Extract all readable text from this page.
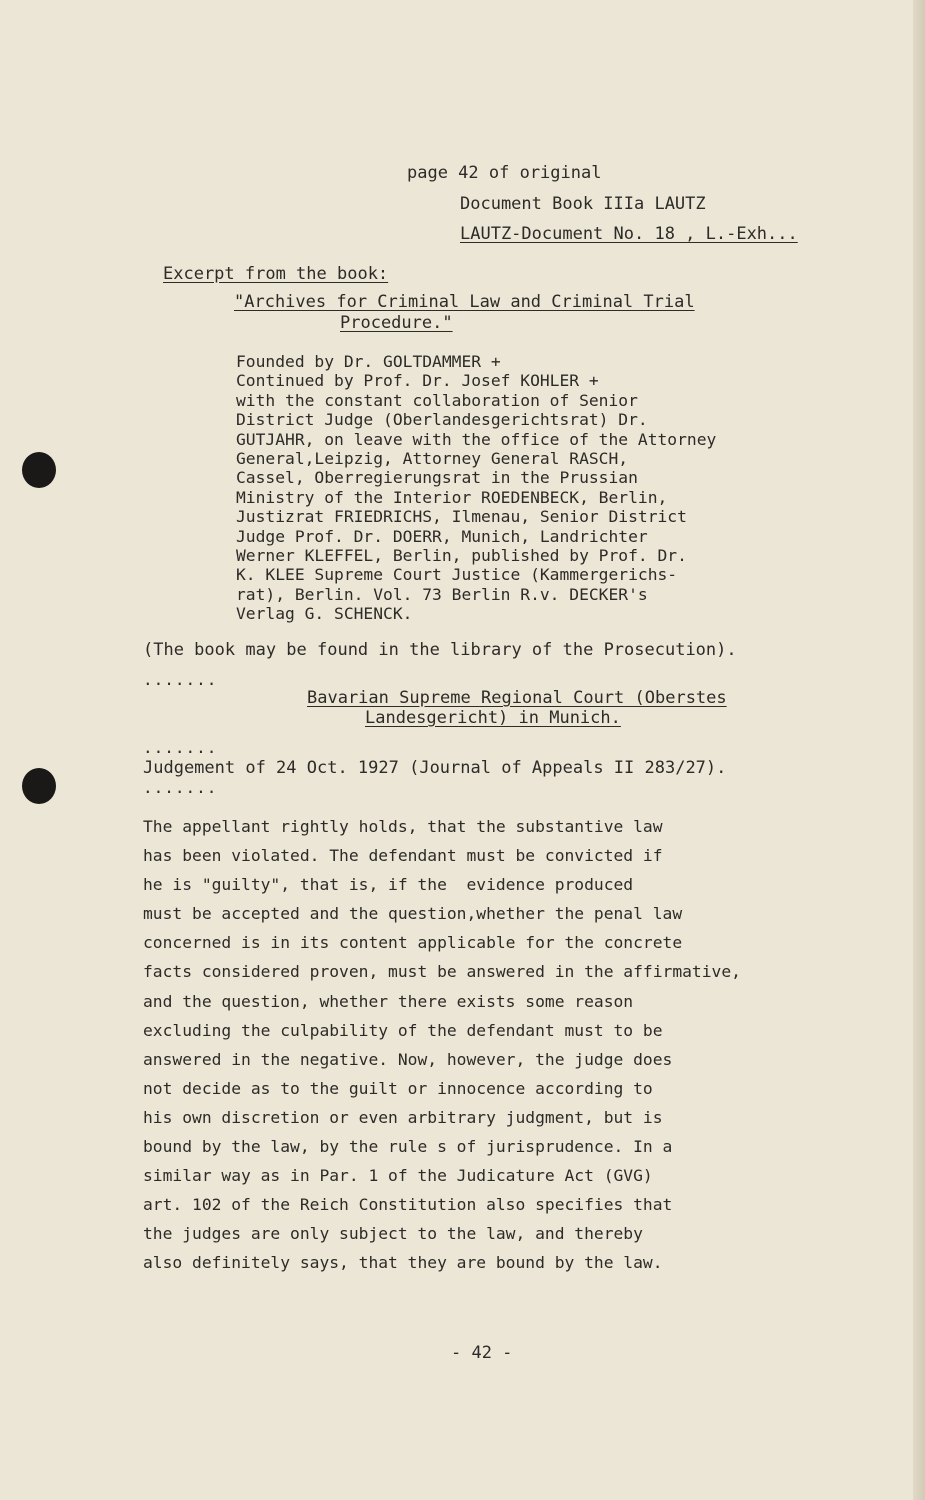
page 42 of original
Document Book IIIa LAUTZ
LAUTZ-Document No. 18 , L.-Exh...
Excerpt from the book:
"Archives for Criminal Law and Criminal Trial
Procedure."
Founded by Dr. GOLTDAMMER +
Continued by Prof. Dr. Josef KOHLER +
with the constant collaboration of Senior
District Judge (Oberlandesgerichtsrat) Dr.
GUTJAHR, on leave with the office of the Attorney
General,Leipzig, Attorney General RASCH,
Cassel, Oberregierungsrat in the Prussian
Ministry of the Interior ROEDENBECK, Berlin,
Justizrat FRIEDRICHS, Ilmenau, Senior District
Judge Prof. Dr. DOERR, Munich, Landrichter
Werner KLEFFEL, Berlin, published by Prof. Dr.
K. KLEE Supreme Court Justice (Kammergerichs-
rat), Berlin. Vol. 73 Berlin R.v. DECKER's
Verlag G. SCHENCK.
(The book may be found in the library of the Prosecution).
.......
Bavarian Supreme Regional Court (Oberstes
Landesgericht) in Munich.
.......
Judgement of 24 Oct. 1927 (Journal of Appeals II 283/27).
.......
The appellant rightly holds, that the substantive law
has been violated. The defendant must be convicted if
he is "guilty", that is, if the  evidence produced
must be accepted and the question,whether the penal law
concerned is in its content applicable for the concrete
facts considered proven, must be answered in the affirmative,
and the question, whether there exists some reason
excluding the culpability of the defendant must to be
answered in the negative. Now, however, the judge does
not decide as to the guilt or innocence according to
his own discretion or even arbitrary judgment, but is
bound by the law, by the rule s of jurisprudence. In a
similar way as in Par. 1 of the Judicature Act (GVG)
art. 102 of the Reich Constitution also specifies that
the judges are only subject to the law, and thereby
also definitely says, that they are bound by the law.
- 42 -
